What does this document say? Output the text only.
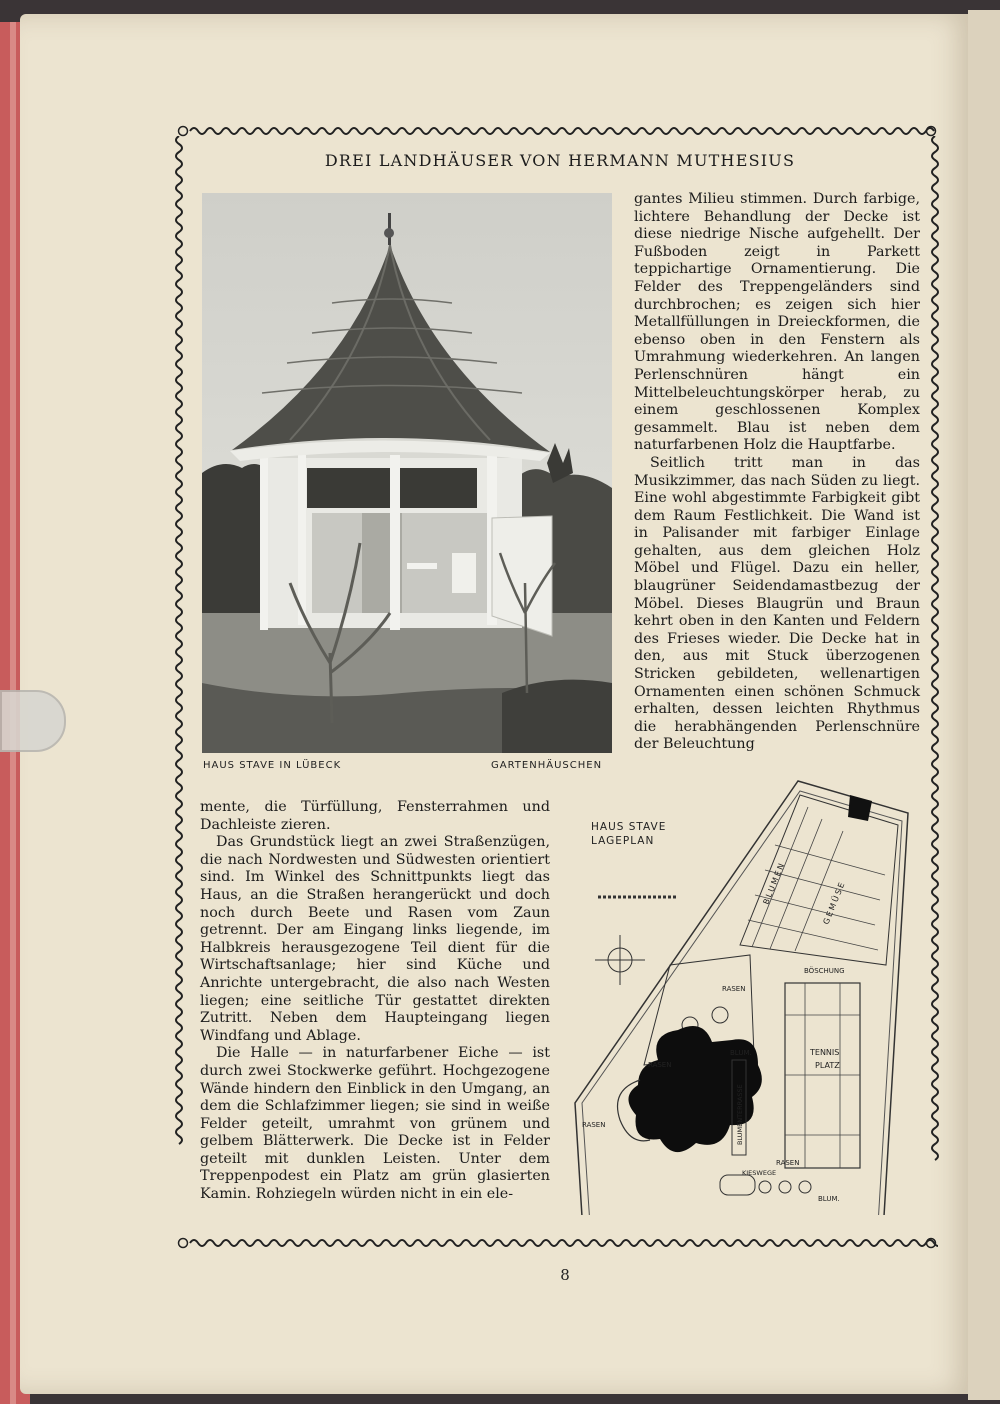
DREI LANDHÄUSER VON HERMANN MUTHESIUS
HAUS STAVE IN LÜBECK	GARTENHÄUSCHEN

gantes Milieu stimmen. Durch farbige, lichtere Behandlung der Decke ist diese niedrige Nische aufgehellt. Der Fußboden zeigt in Parkett teppichartige Ornamentierung. Die Felder des Treppengeländers sind durchbrochen; es zeigen sich hier Metallfüllungen in Dreieckformen, die ebenso oben in den Fenstern als Umrahmung wiederkehren. An langen Perlenschnüren hängt ein Mittelbeleuchtungskörper herab, zu einem geschlossenen Komplex gesammelt. Blau ist neben dem naturfarbenen Holz die Hauptfarbe.

Seitlich tritt man in das Musikzimmer, das nach Süden zu liegt. Eine wohl abgestimmte Farbigkeit gibt dem Raum Festlichkeit. Die Wand ist in Palisander mit farbiger Einlage gehalten, aus dem gleichen Holz Möbel und Flügel. Dazu ein heller, blaugrüner Seidendamastbezug der Möbel. Dieses Blaugrün und Braun kehrt oben in den Kanten und Feldern des Frieses wieder. Die Decke hat in den, aus mit Stuck überzogenen Stricken gebildeten, wellenartigen Ornamenten einen schönen Schmuck erhalten, dessen leichten Rhythmus die herabhängenden Perlenschnüre der Beleuchtung

mente, die Türfüllung, Fensterrahmen und Dachleiste zieren.

Das Grundstück liegt an zwei Straßenzügen, die nach Nordwesten und Südwesten orientiert sind. Im Winkel des Schnittpunkts liegt das Haus, an die Straßen herangerückt und doch noch durch Beete und Rasen vom Zaun getrennt. Der am Eingang links liegende, im Halbkreis herausgezogene Teil dient für die Wirtschaftsanlage; hier sind Küche und Anrichte untergebracht, die also nach Westen liegen; eine seitliche Tür gestattet direkten Zutritt. Neben dem Haupteingang liegen Windfang und Ablage.

Die Halle — in naturfarbener Eiche — ist durch zwei Stockwerke geführt. Hochgezogene Wände hindern den Einblick in den Umgang, an dem die Schlafzimmer liegen; sie sind in weiße Felder geteilt, umrahmt von grünem und gelbem Blätterwerk. Die Decke ist in Felder geteilt mit dunklen Leisten. Unter dem Treppenpodest ein Platz am grün glasierten Kamin. Rohziegeln würden nicht in ein ele-

HAUS STAVE
LAGEPLAN
BLUMEN	GEMÜSE
BÖSCHUNG
RASEN
BLUM.	TENNIS
PLATZ
RASEN
RASEN	BLUMENTERRASSE
RASEN
KIESWEGE
BLUM.
8
